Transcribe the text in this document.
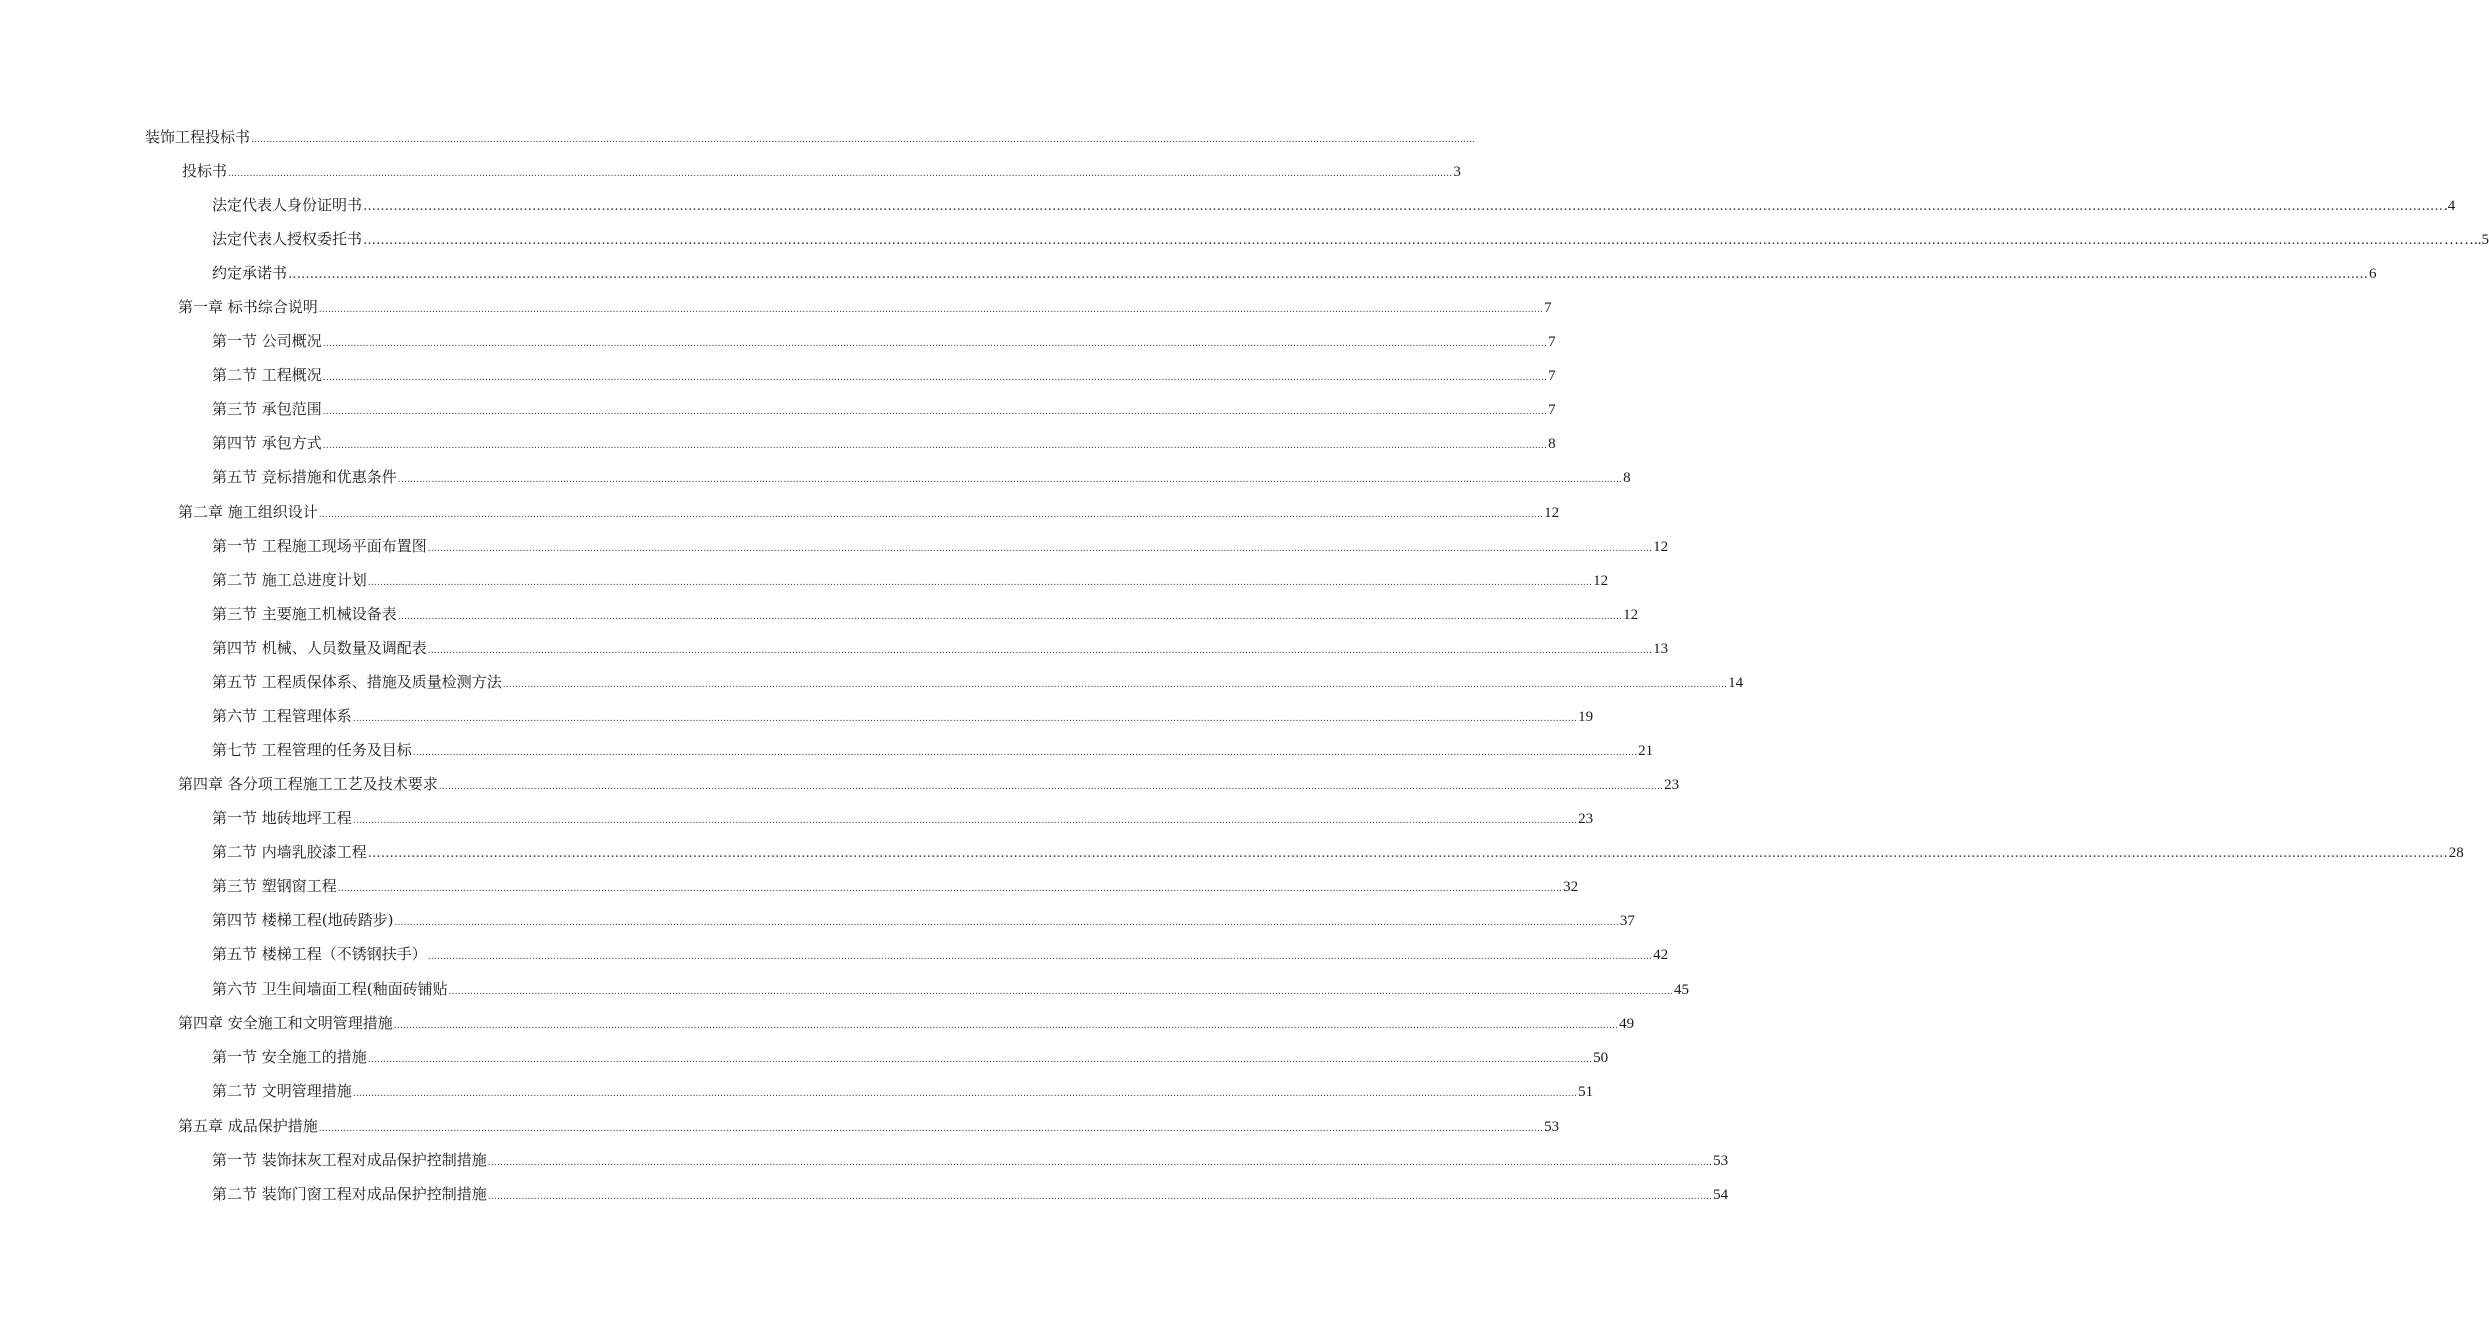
装饰工程投标书 ................................................................................................................................................................................................................................................................................................................................................................................................................
投标书 ................................................................................................................................................................................................................................................................................................................................................................................................................ 3
法定代表人身份证明书 ………………………………………………………………………………………………………………………………………………………………………………………………………………………………………………………………………………………………………………………………………………………………………………………………………………………………………… .4
法定代表人授权委托书 ………………………………………………………………………………………………………………………………………………………………………………………………………………………………………………………………………………………………………………………………………………………………………………………………………………………………………… ……..5
约定承诺书 ………………………………………………………………………………………………………………………………………………………………………………………………………………………………………………………………………………………………………………………………………………………………………………………………………………………………………… 6
第一章 标书综合说明 ................................................................................................................................................................................................................................................................................................................................................................................................................ 7
第一节 公司概况 ................................................................................................................................................................................................................................................................................................................................................................................................................ 7
第二节 工程概况 ................................................................................................................................................................................................................................................................................................................................................................................................................ 7
第三节 承包范围 ................................................................................................................................................................................................................................................................................................................................................................................................................ 7
第四节 承包方式 ................................................................................................................................................................................................................................................................................................................................................................................................................ 8
第五节 竞标措施和优惠条件 ................................................................................................................................................................................................................................................................................................................................................................................................................ 8
第二章 施工组织设计 ................................................................................................................................................................................................................................................................................................................................................................................................................ 12
第一节 工程施工现场平面布置图 ................................................................................................................................................................................................................................................................................................................................................................................................................ 12
第二节 施工总进度计划 ................................................................................................................................................................................................................................................................................................................................................................................................................ 12
第三节 主要施工机械设备表 ................................................................................................................................................................................................................................................................................................................................................................................................................ 12
第四节 机械、人员数量及调配表 ................................................................................................................................................................................................................................................................................................................................................................................................................ 13
第五节 工程质保体系、措施及质量检测方法 ................................................................................................................................................................................................................................................................................................................................................................................................................ 14
第六节 工程管理体系 ................................................................................................................................................................................................................................................................................................................................................................................................................ 19
第七节 工程管理的任务及目标 ................................................................................................................................................................................................................................................................................................................................................................................................................ 21
第四章 各分项工程施工工艺及技术要求 ................................................................................................................................................................................................................................................................................................................................................................................................................ 23
第一节 地砖地坪工程 ................................................................................................................................................................................................................................................................................................................................................................................................................ 23
第二节 内墙乳胶漆工程 ………………………………………………………………………………………………………………………………………………………………………………………………………………………………………………………………………………………………………………………………………………………………………………………………………………………………………… 28
第三节 塑钢窗工程 ................................................................................................................................................................................................................................................................................................................................................................................................................ 32
第四节 楼梯工程(地砖踏步) ................................................................................................................................................................................................................................................................................................................................................................................................................ 37
第五节 楼梯工程（不锈钢扶手） ................................................................................................................................................................................................................................................................................................................................................................................................................ 42
第六节 卫生间墙面工程(釉面砖铺贴 ................................................................................................................................................................................................................................................................................................................................................................................................................ 45
第四章 安全施工和文明管理措施 ................................................................................................................................................................................................................................................................................................................................................................................................................ 49
第一节 安全施工的措施 ................................................................................................................................................................................................................................................................................................................................................................................................................ 50
第二节 文明管理措施 ................................................................................................................................................................................................................................................................................................................................................................................................................ 51
第五章 成品保护措施 ................................................................................................................................................................................................................................................................................................................................................................................................................ 53
第一节 装饰抹灰工程对成品保护控制措施 ................................................................................................................................................................................................................................................................................................................................................................................................................ 53
第二节 装饰门窗工程对成品保护控制措施 ................................................................................................................................................................................................................................................................................................................................................................................................................ 54
